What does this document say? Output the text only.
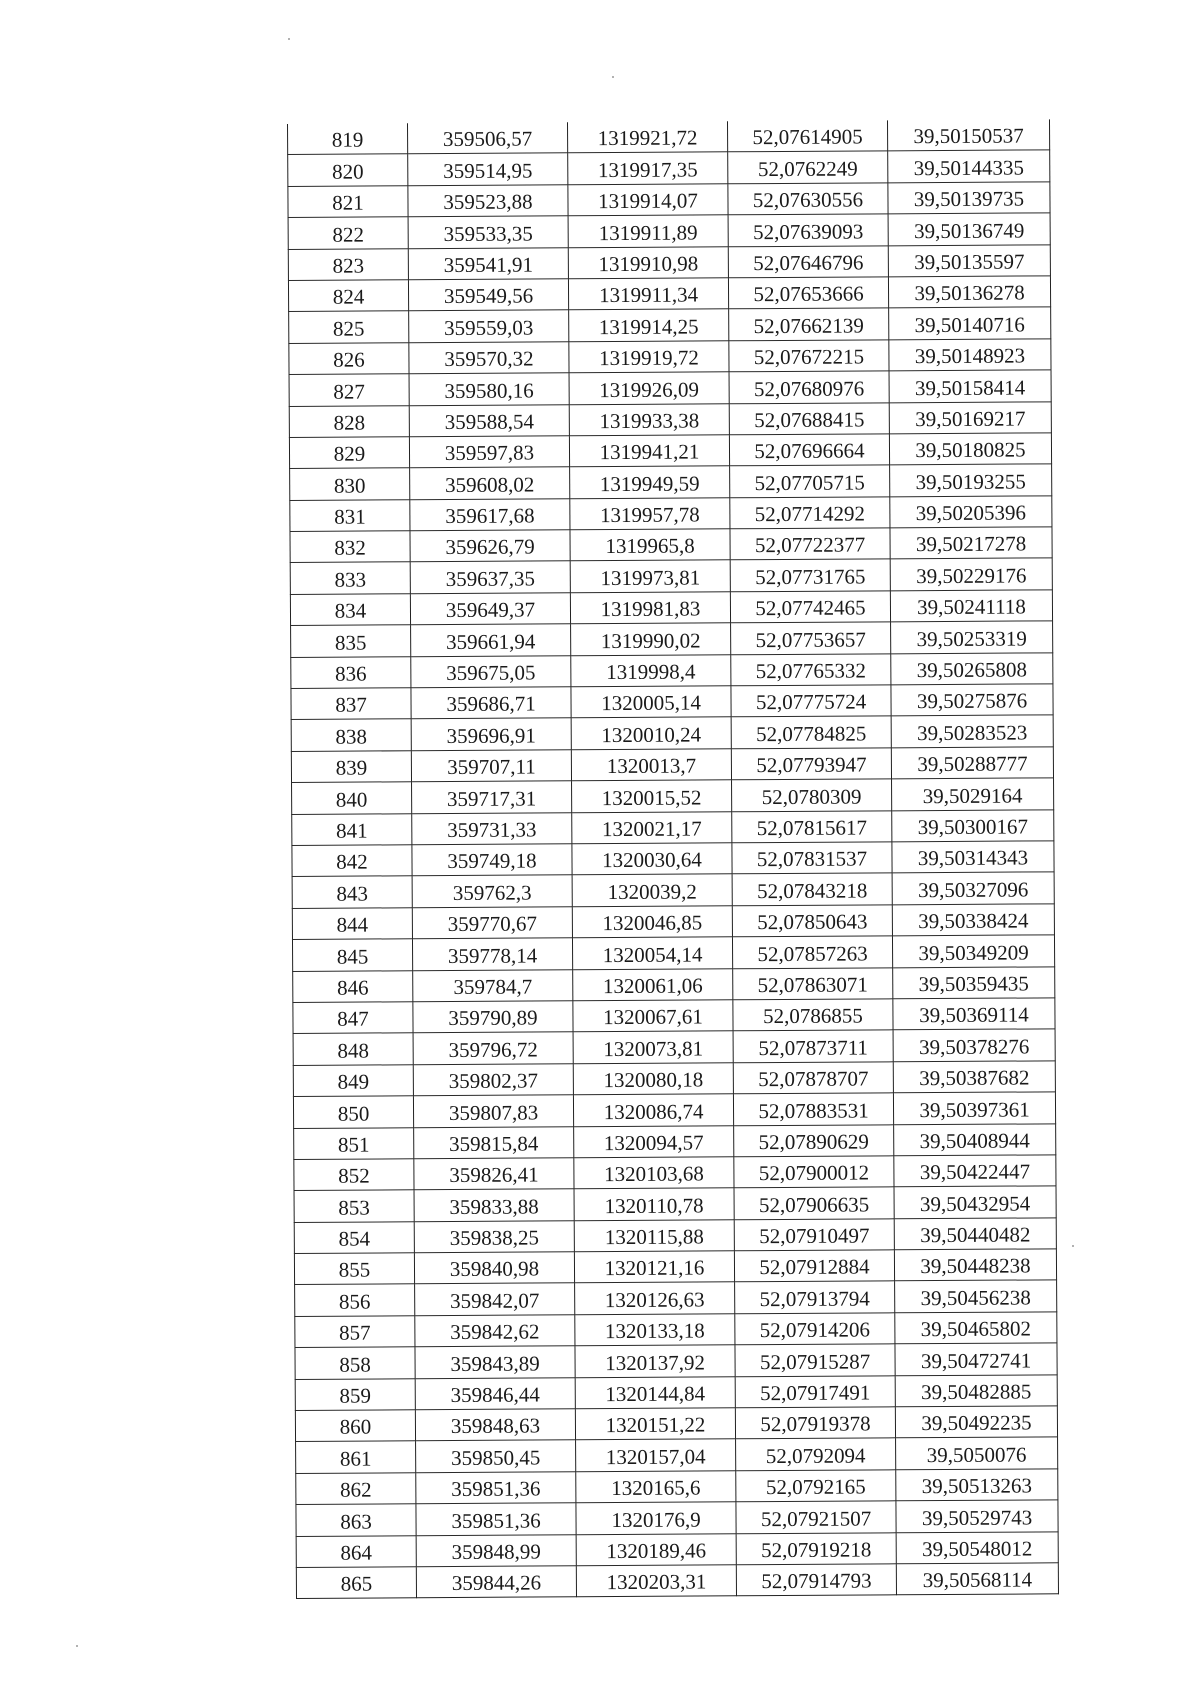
819	359506,57	1319921,72	52,07614905	39,50150537
820	359514,95	1319917,35	52,0762249	39,50144335
821	359523,88	1319914,07	52,07630556	39,50139735
822	359533,35	1319911,89	52,07639093	39,50136749
823	359541,91	1319910,98	52,07646796	39,50135597
824	359549,56	1319911,34	52,07653666	39,50136278
825	359559,03	1319914,25	52,07662139	39,50140716
826	359570,32	1319919,72	52,07672215	39,50148923
827	359580,16	1319926,09	52,07680976	39,50158414
828	359588,54	1319933,38	52,07688415	39,50169217
829	359597,83	1319941,21	52,07696664	39,50180825
830	359608,02	1319949,59	52,07705715	39,50193255
831	359617,68	1319957,78	52,07714292	39,50205396
832	359626,79	1319965,8	52,07722377	39,50217278
833	359637,35	1319973,81	52,07731765	39,50229176
834	359649,37	1319981,83	52,07742465	39,50241118
835	359661,94	1319990,02	52,07753657	39,50253319
836	359675,05	1319998,4	52,07765332	39,50265808
837	359686,71	1320005,14	52,07775724	39,50275876
838	359696,91	1320010,24	52,07784825	39,50283523
839	359707,11	1320013,7	52,07793947	39,50288777
840	359717,31	1320015,52	52,0780309	39,5029164
841	359731,33	1320021,17	52,07815617	39,50300167
842	359749,18	1320030,64	52,07831537	39,50314343
843	359762,3	1320039,2	52,07843218	39,50327096
844	359770,67	1320046,85	52,07850643	39,50338424
845	359778,14	1320054,14	52,07857263	39,50349209
846	359784,7	1320061,06	52,07863071	39,50359435
847	359790,89	1320067,61	52,0786855	39,50369114
848	359796,72	1320073,81	52,07873711	39,50378276
849	359802,37	1320080,18	52,07878707	39,50387682
850	359807,83	1320086,74	52,07883531	39,50397361
851	359815,84	1320094,57	52,07890629	39,50408944
852	359826,41	1320103,68	52,07900012	39,50422447
853	359833,88	1320110,78	52,07906635	39,50432954
854	359838,25	1320115,88	52,07910497	39,50440482
855	359840,98	1320121,16	52,07912884	39,50448238
856	359842,07	1320126,63	52,07913794	39,50456238
857	359842,62	1320133,18	52,07914206	39,50465802
858	359843,89	1320137,92	52,07915287	39,50472741
859	359846,44	1320144,84	52,07917491	39,50482885
860	359848,63	1320151,22	52,07919378	39,50492235
861	359850,45	1320157,04	52,0792094	39,5050076
862	359851,36	1320165,6	52,0792165	39,50513263
863	359851,36	1320176,9	52,07921507	39,50529743
864	359848,99	1320189,46	52,07919218	39,50548012
865	359844,26	1320203,31	52,07914793	39,50568114
